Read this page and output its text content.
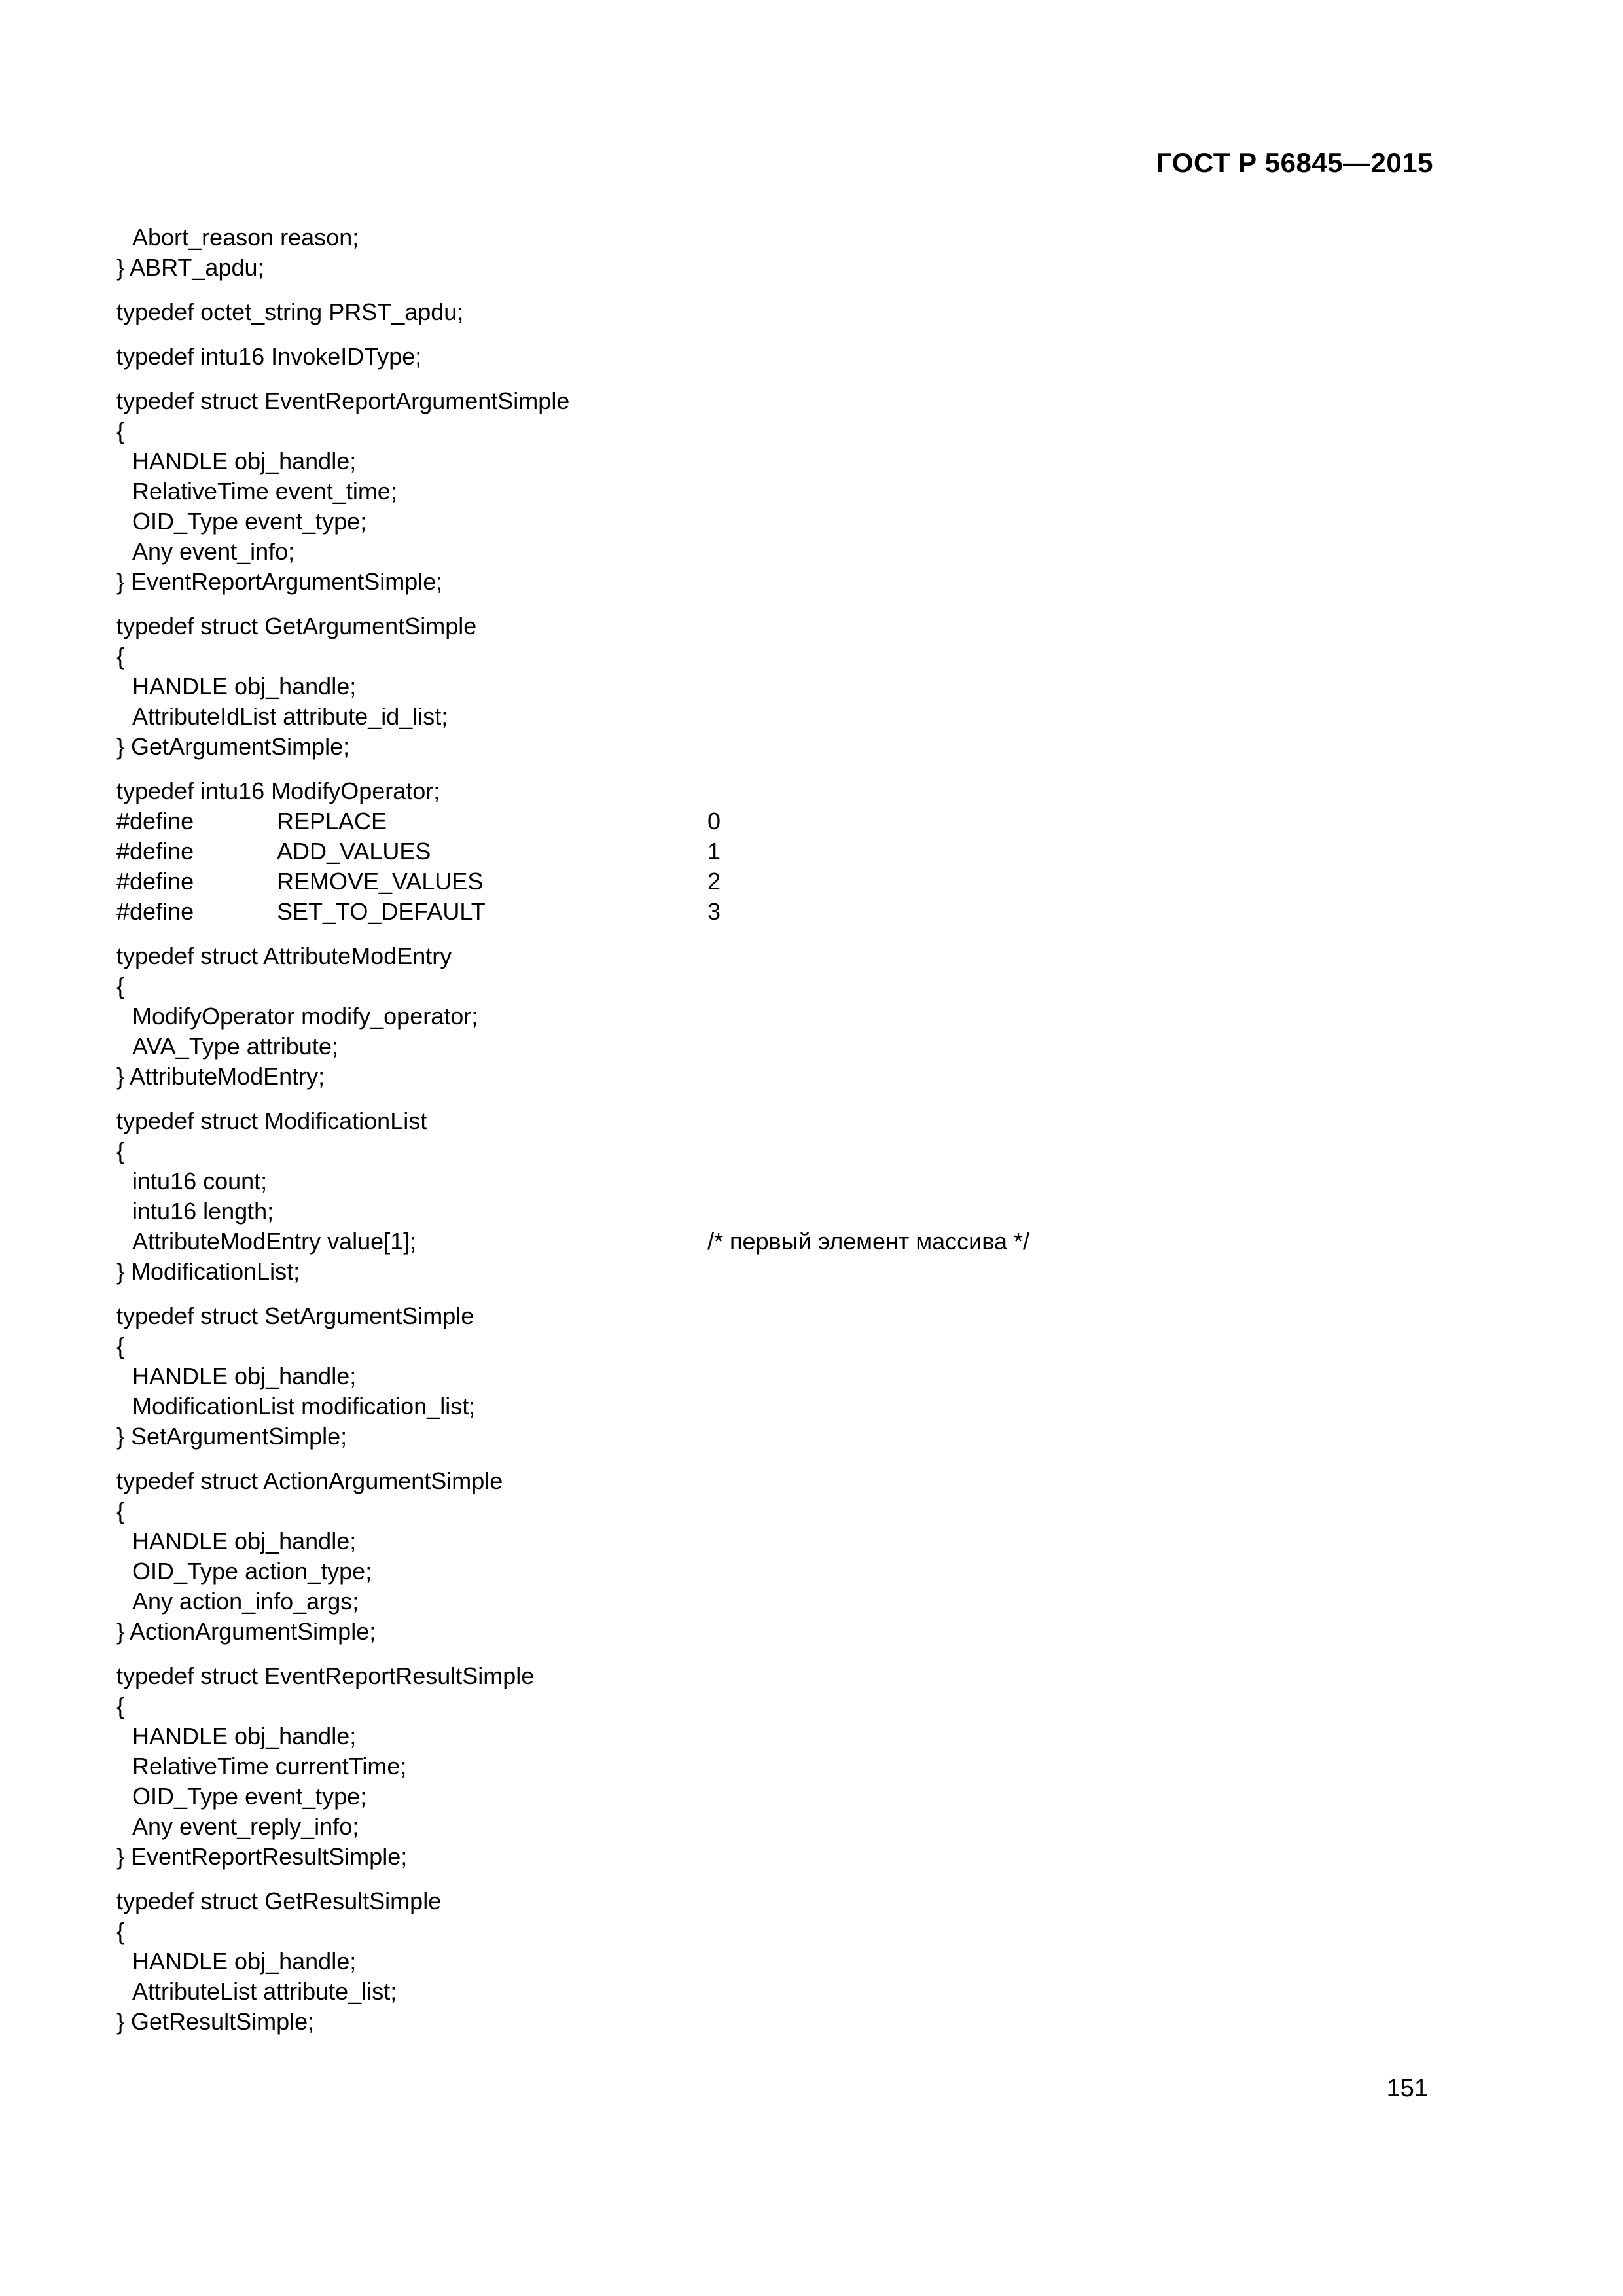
ГОСТ Р 56845—2015
Abort_reason reason;
} ABRT_apdu;
typedef octet_string PRST_apdu;
typedef intu16 InvokeIDType;
typedef struct EventReportArgumentSimple
{
HANDLE obj_handle;
RelativeTime event_time;
OID_Type event_type;
Any event_info;
} EventReportArgumentSimple;
typedef struct GetArgumentSimple
{
HANDLE obj_handle;
AttributeIdList attribute_id_list;
} GetArgumentSimple;
typedef intu16 ModifyOperator;
#define	REPLACE	0
#define	ADD_VALUES	1
#define	REMOVE_VALUES	2
#define	SET_TO_DEFAULT	3
typedef struct AttributeModEntry
{
ModifyOperator modify_operator;
AVA_Type attribute;
} AttributeModEntry;
typedef struct ModificationList
{
intu16 count;
intu16 length;
AttributeModEntry value[1];	/* первый элемент массива */
} ModificationList;
typedef struct SetArgumentSimple
{
HANDLE obj_handle;
ModificationList modification_list;
} SetArgumentSimple;
typedef struct ActionArgumentSimple
{
HANDLE obj_handle;
OID_Type action_type;
Any action_info_args;
} ActionArgumentSimple;
typedef struct EventReportResultSimple
{
HANDLE obj_handle;
RelativeTime currentTime;
OID_Type event_type;
Any event_reply_info;
} EventReportResultSimple;
typedef struct GetResultSimple
{
HANDLE obj_handle;
AttributeList attribute_list;
} GetResultSimple;
151
